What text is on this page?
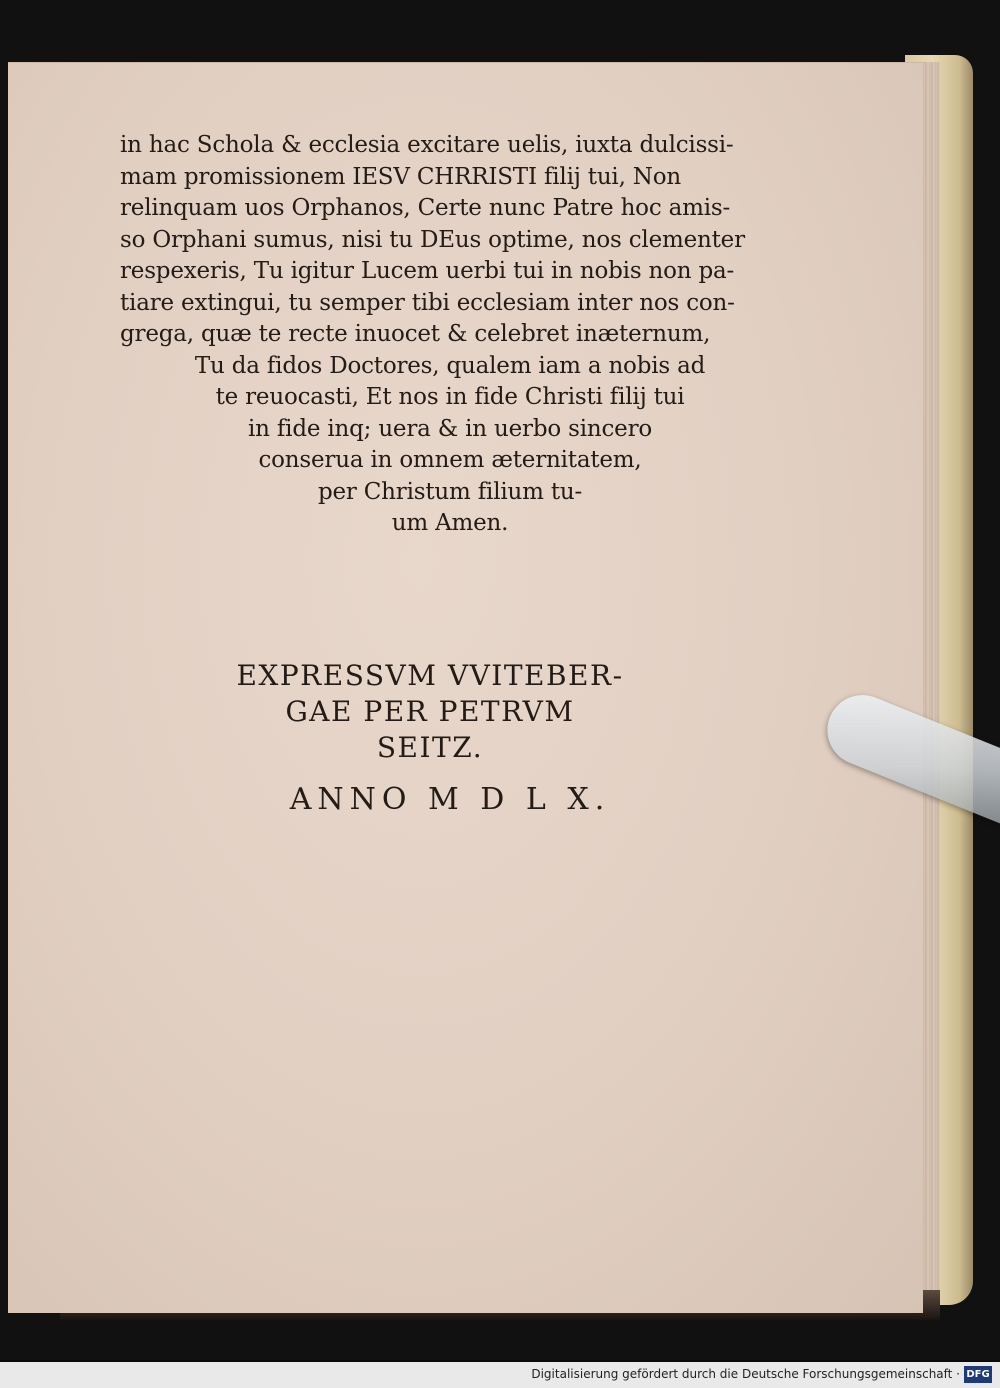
in hac Schola & ecclesia excitare uelis, iuxta dulcissi-
mam promissionem IESV CHRRISTI filij tui, Non
relinquam uos Orphanos, Certe nunc Patre hoc amis-
so Orphani sumus, nisi tu DEus optime, nos clementer
respexeris, Tu igitur Lucem uerbi tui in nobis non pa-
tiare extingui, tu semper tibi ecclesiam inter nos con-
grega, quæ te recte inuocet & celebret inæternum,
Tu da fidos Doctores, qualem iam a nobis ad
te reuocasti, Et nos in fide Christi filij tui
in fide inq; uera & in uerbo sincero
conserua in omnem æternitatem,
per Christum filium tu-
um Amen.
EXPRESSVM VVITEBER-
GAE PER PETRVM
SEITZ.
ANNO M D L X.
Digitalisierung gefördert durch die Deutsche Forschungsgemeinschaft · DFG
